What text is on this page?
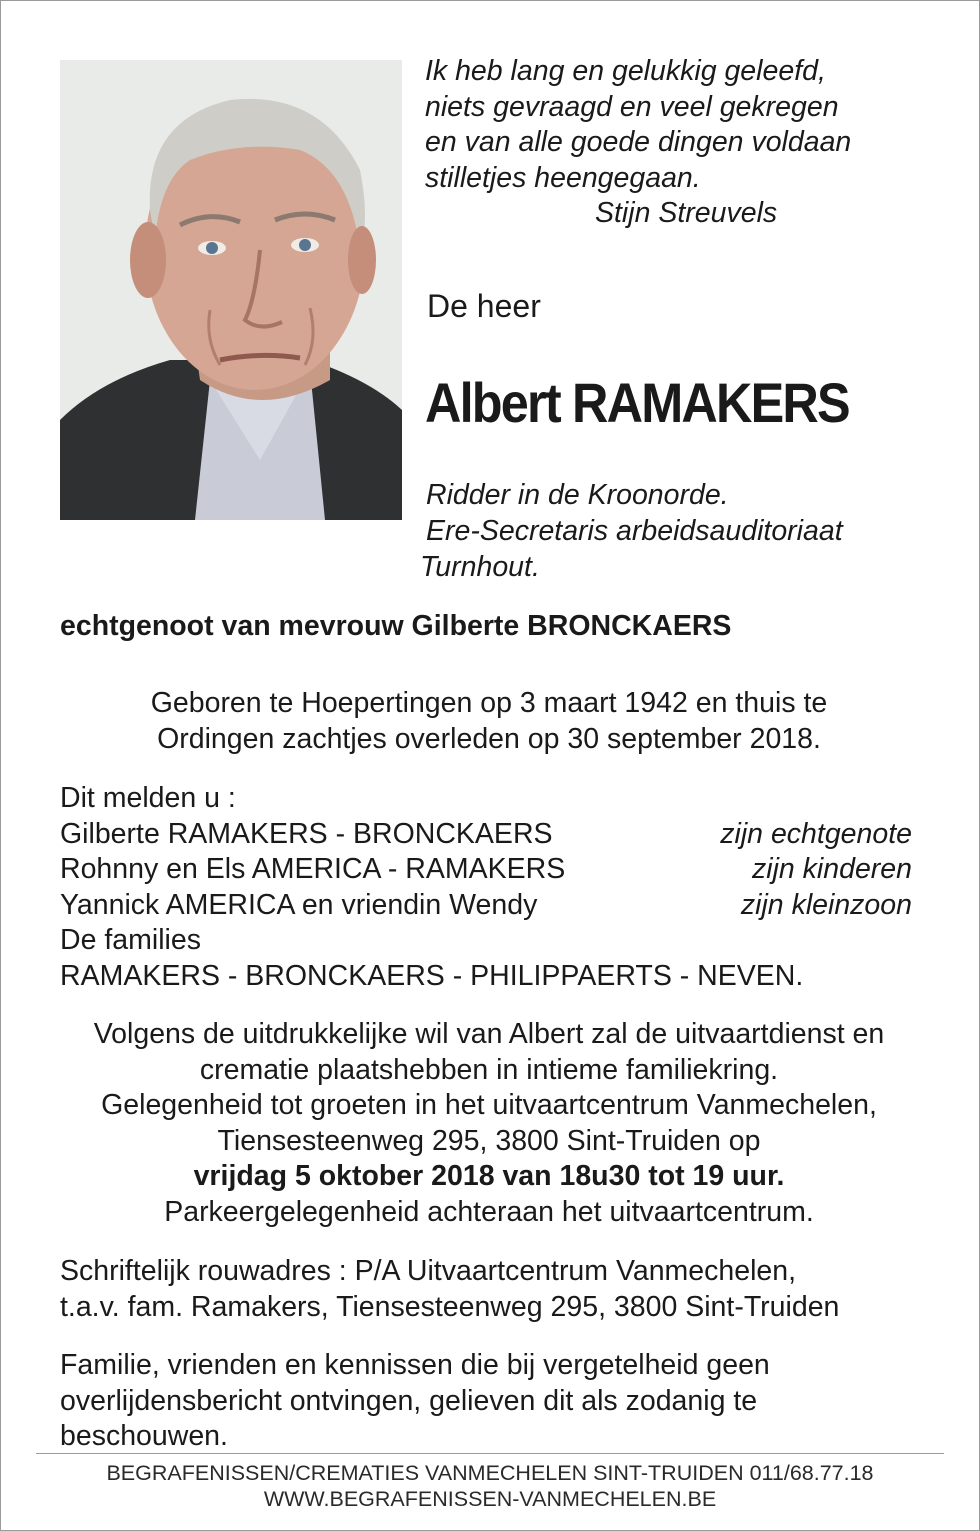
Ik heb lang en gelukkig geleefd,
niets gevraagd en veel gekregen
en van alle goede dingen voldaan
stilletjes heengegaan.
Stijn Streuvels
De heer
Albert RAMAKERS
Ridder in de Kroonorde.
Ere-Secretaris arbeidsauditoriaat
Turnhout.
echtgenoot van mevrouw Gilberte BRONCKAERS
Geboren te Hoepertingen op 3 maart 1942 en thuis te
Ordingen zachtjes overleden op 30 september 2018.
Dit melden u :
Gilberte RAMAKERS - BRONCKAERS	zijn echtgenote
Rohnny en Els AMERICA - RAMAKERS	zijn kinderen
Yannick AMERICA en vriendin Wendy	zijn kleinzoon
De families
RAMAKERS - BRONCKAERS - PHILIPPAERTS - NEVEN.
Volgens de uitdrukkelijke wil van Albert zal de uitvaartdienst en
crematie plaatshebben in intieme familiekring.
Gelegenheid tot groeten in het uitvaartcentrum Vanmechelen,
Tiensesteenweg 295, 3800 Sint-Truiden op
vrijdag 5 oktober 2018 van 18u30 tot 19 uur.
Parkeergelegenheid achteraan het uitvaartcentrum.
Schriftelijk rouwadres : P/A Uitvaartcentrum Vanmechelen,
t.a.v. fam. Ramakers, Tiensesteenweg 295, 3800 Sint-Truiden
Familie, vrienden en kennissen die bij vergetelheid geen
overlijdensbericht ontvingen, gelieven dit als zodanig te
beschouwen.
BEGRAFENISSEN/CREMATIES VANMECHELEN SINT-TRUIDEN 011/68.77.18
WWW.BEGRAFENISSEN-VANMECHELEN.BE
